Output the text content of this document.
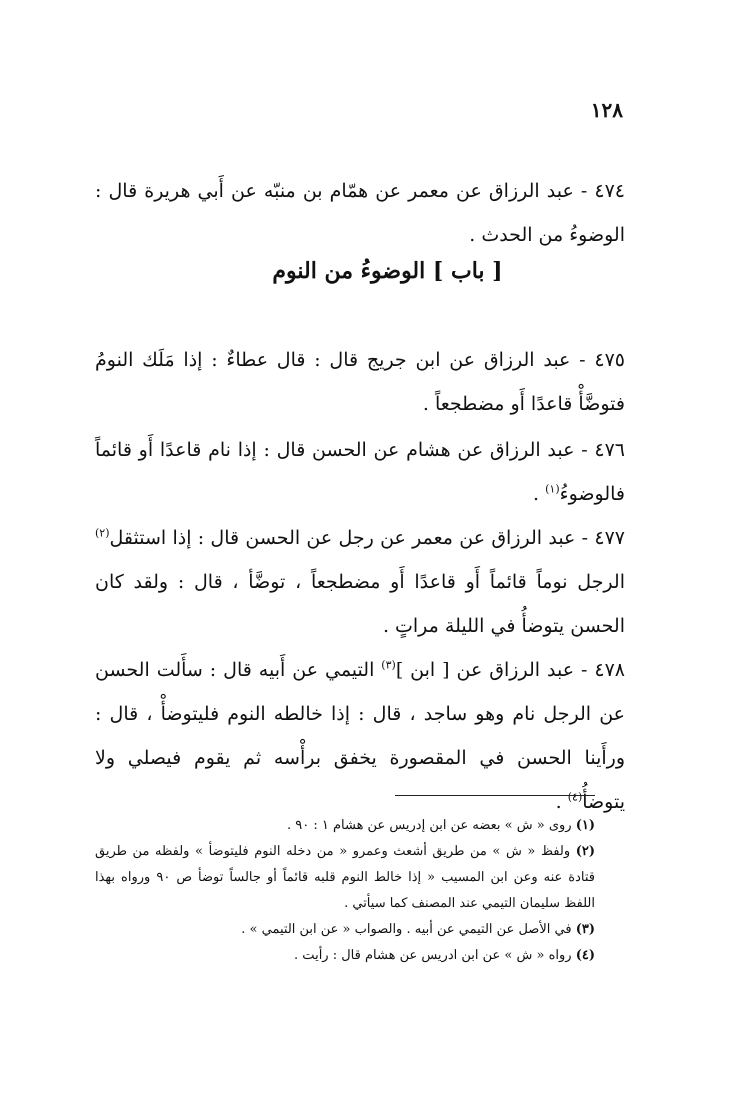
١٢٨

٤٧٤ - عبد الرزاق عن معمر عن همّام بن منبّه عن أَبي هريرة قال : الوضوءُ من الحدث .

[ باب ] الوضوءُ من النوم

٤٧٥ - عبد الرزاق عن ابن جريج قال : قال عطاءٌ : إذا مَلَك النومُ فتوضَّأْ قاعدًا أَو مضطجعاً .

٤٧٦ - عبد الرزاق عن هشام عن الحسن قال : إذا نام قاعدًا أَو قائماً فالوضوءُ$^{(١)}$ .

٤٧٧ - عبد الرزاق عن معمر عن رجل عن الحسن قال : إذا استثقل$^{(٢)}$ الرجل نوماً قائماً أَو قاعدًا أَو مضطجعاً ، توضَّأ ، قال : ولقد كان الحسن يتوضأُ في الليلة مراتٍ .

٤٧٨ - عبد الرزاق عن [ ابن ]$^{(٣)}$ التيمي عن أَبيه قال : سأَلت الحسن عن الرجل نام وهو ساجد ، قال : إذا خالطه النوم فليتوضأْ ، قال : ورأَينا الحسن في المقصورة يخفق برأْسه ثم يقوم فيصلي ولا يتوضأُ$^{(٤)}$ .

(١) روى « ش » بعضه عن ابن إدريس عن هشام ١ : ٩٠ .

(٢) ولفظ « ش » من طريق أشعث وعمرو « من دخله النوم فليتوضأ » ولفظه من طريق قتادة عنه وعن ابن المسيب « إذا خالط النوم قلبه قائماً أو جالساً توضأ ص ٩٠ ورواه بهذا اللفظ سليمان التيمي عند المصنف كما سيأتي .

(٣) في الأصل عن التيمي عن أبيه . والصواب « عن ابن التيمي » .

(٤) رواه « ش » عن ابن ادريس عن هشام قال : رأيت .
